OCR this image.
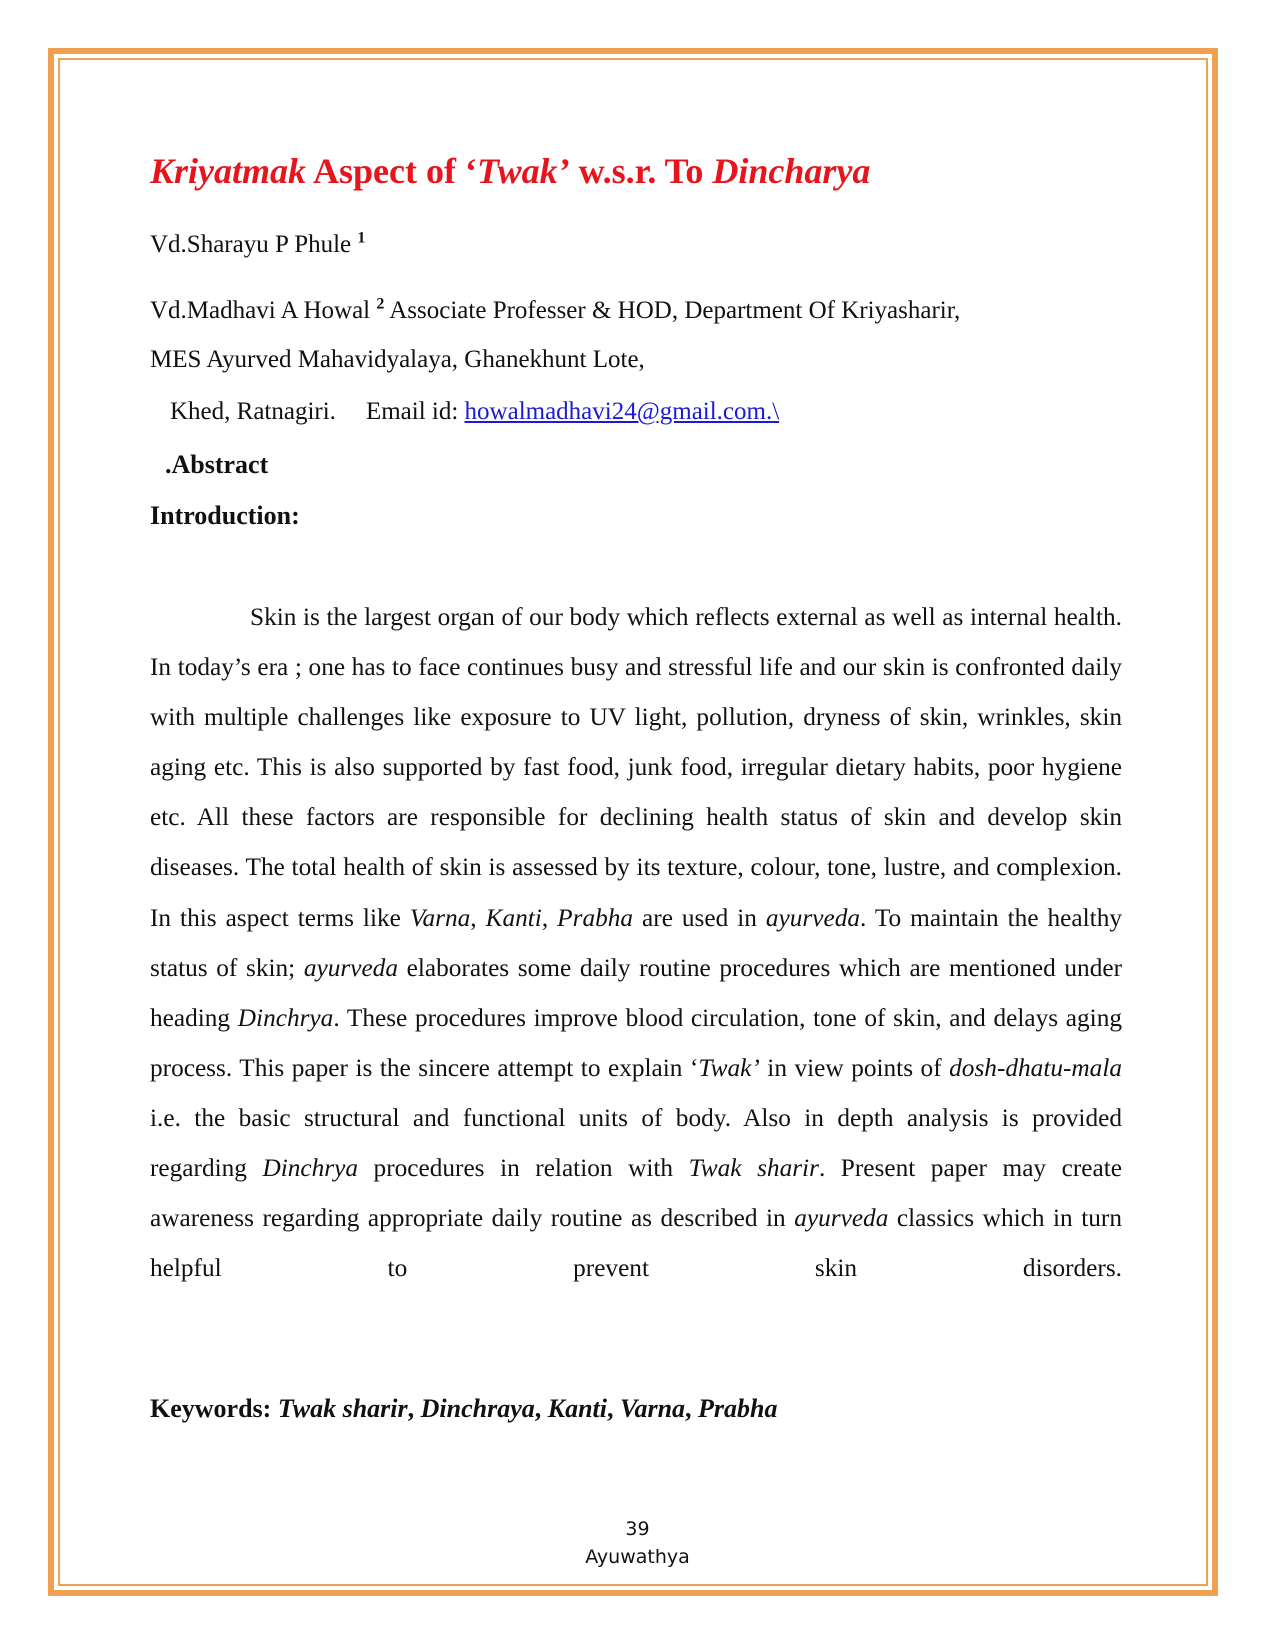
Kriyatmak Aspect of ‘Twak’ w.s.r. To Dincharya
Vd.Sharayu P Phule $^1$
Vd.Madhavi A Howal $^2$ Associate Professer & HOD, Department Of Kriyasharir,
MES Ayurved Mahavidyalaya, Ghanekhunt Lote,
Khed, Ratnagiri. Email id: howalmadhavi24@gmail.com.\
.Abstract
Introduction:

Skin is the largest organ of our body which reflects external as well as internal health. In today’s era ; one has to face continues busy and stressful life and our skin is confronted daily with multiple challenges like exposure to UV light, pollution, dryness of skin, wrinkles, skin aging etc. This is also supported by fast food, junk food, irregular dietary habits, poor hygiene etc. All these factors are responsible for declining health status of skin and develop skin diseases. The total health of skin is assessed by its texture, colour, tone, lustre, and complexion. In this aspect terms like Varna, Kanti, Prabha are used in ayurveda. To maintain the healthy status of skin; ayurveda elaborates some daily routine procedures which are mentioned under heading Dinchrya. These procedures improve blood circulation, tone of skin, and delays aging process. This paper is the sincere attempt to explain ‘Twak’ in view points of dosh-dhatu-mala i.e. the basic structural and functional units of body. Also in depth analysis is provided regarding Dinchrya procedures in relation with Twak sharir. Present paper may create awareness regarding appropriate daily routine as described in ayurveda classics which in turn helpful to prevent skin disorders.

Keywords: Twak sharir, Dinchraya, Kanti, Varna, Prabha
39
Ayuwathya
